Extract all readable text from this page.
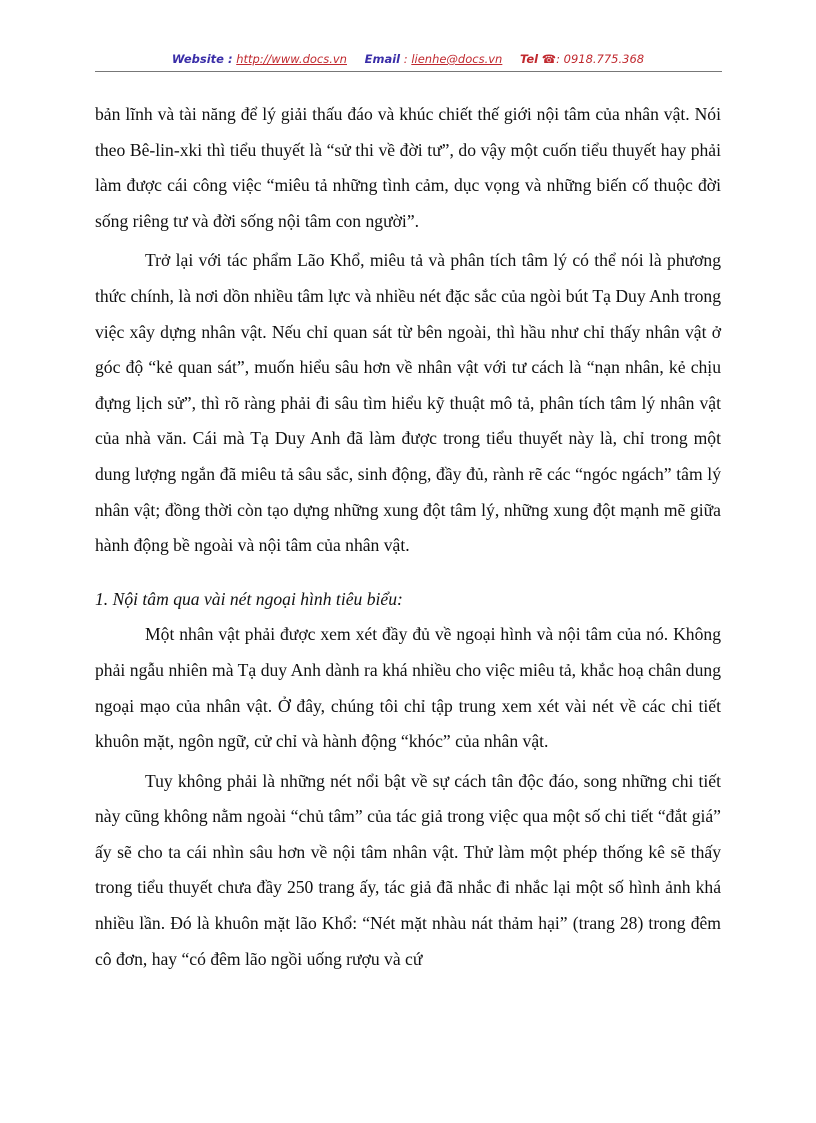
Website : http://www.docs.vn Email : lienhe@docs.vn Tel ☎: 0918.775.368

bản lĩnh và tài năng để lý giải thấu đáo và khúc chiết thế giới nội tâm của nhân vật. Nói theo Bê-lin-xki thì tiểu thuyết là “sử thi về đời tư”, do vậy một cuốn tiểu thuyết hay phải làm được cái công việc “miêu tả những tình cảm, dục vọng và những biến cố thuộc đời sống riêng tư và đời sống nội tâm con người”.

Trở lại với tác phẩm Lão Khổ, miêu tả và phân tích tâm lý có thể nói là phương thức chính, là nơi dồn nhiều tâm lực và nhiều nét đặc sắc của ngòi bút Tạ Duy Anh trong việc xây dựng nhân vật. Nếu chỉ quan sát từ bên ngoài, thì hầu như chỉ thấy nhân vật ở góc độ “kẻ quan sát”, muốn hiểu sâu hơn về nhân vật với tư cách là “nạn nhân, kẻ chịu đựng lịch sử”, thì rõ ràng phải đi sâu tìm hiểu kỹ thuật mô tả, phân tích tâm lý nhân vật của nhà văn. Cái mà Tạ Duy Anh đã làm được trong tiểu thuyết này là, chỉ trong một dung lượng ngắn đã miêu tả sâu sắc, sinh động, đầy đủ, rành rẽ các “ngóc ngách” tâm lý nhân vật; đồng thời còn tạo dựng những xung đột tâm lý, những xung đột mạnh mẽ giữa hành động bề ngoài và nội tâm của nhân vật.

1. Nội tâm qua vài nét ngoại hình tiêu biểu:

Một nhân vật phải được xem xét đầy đủ về ngoại hình và nội tâm của nó. Không phải ngẫu nhiên mà Tạ duy Anh dành ra khá nhiều cho việc miêu tả, khắc hoạ chân dung ngoại mạo của nhân vật. Ở đây, chúng tôi chỉ tập trung xem xét vài nét về các chi tiết khuôn mặt, ngôn ngữ, cử chỉ và hành động “khóc” của nhân vật.

Tuy không phải là những nét nổi bật về sự cách tân độc đáo, song những chi tiết này cũng không nằm ngoài “chủ tâm” của tác giả trong việc qua một số chi tiết “đắt giá” ấy sẽ cho ta cái nhìn sâu hơn về nội tâm nhân vật. Thử làm một phép thống kê sẽ thấy trong tiểu thuyết chưa đầy 250 trang ấy, tác giả đã nhắc đi nhắc lại một số hình ảnh khá nhiều lần. Đó là khuôn mặt lão Khổ: “Nét mặt nhàu nát thảm hại” (trang 28) trong đêm cô đơn, hay “có đêm lão ngồi uống rượu và cứ
